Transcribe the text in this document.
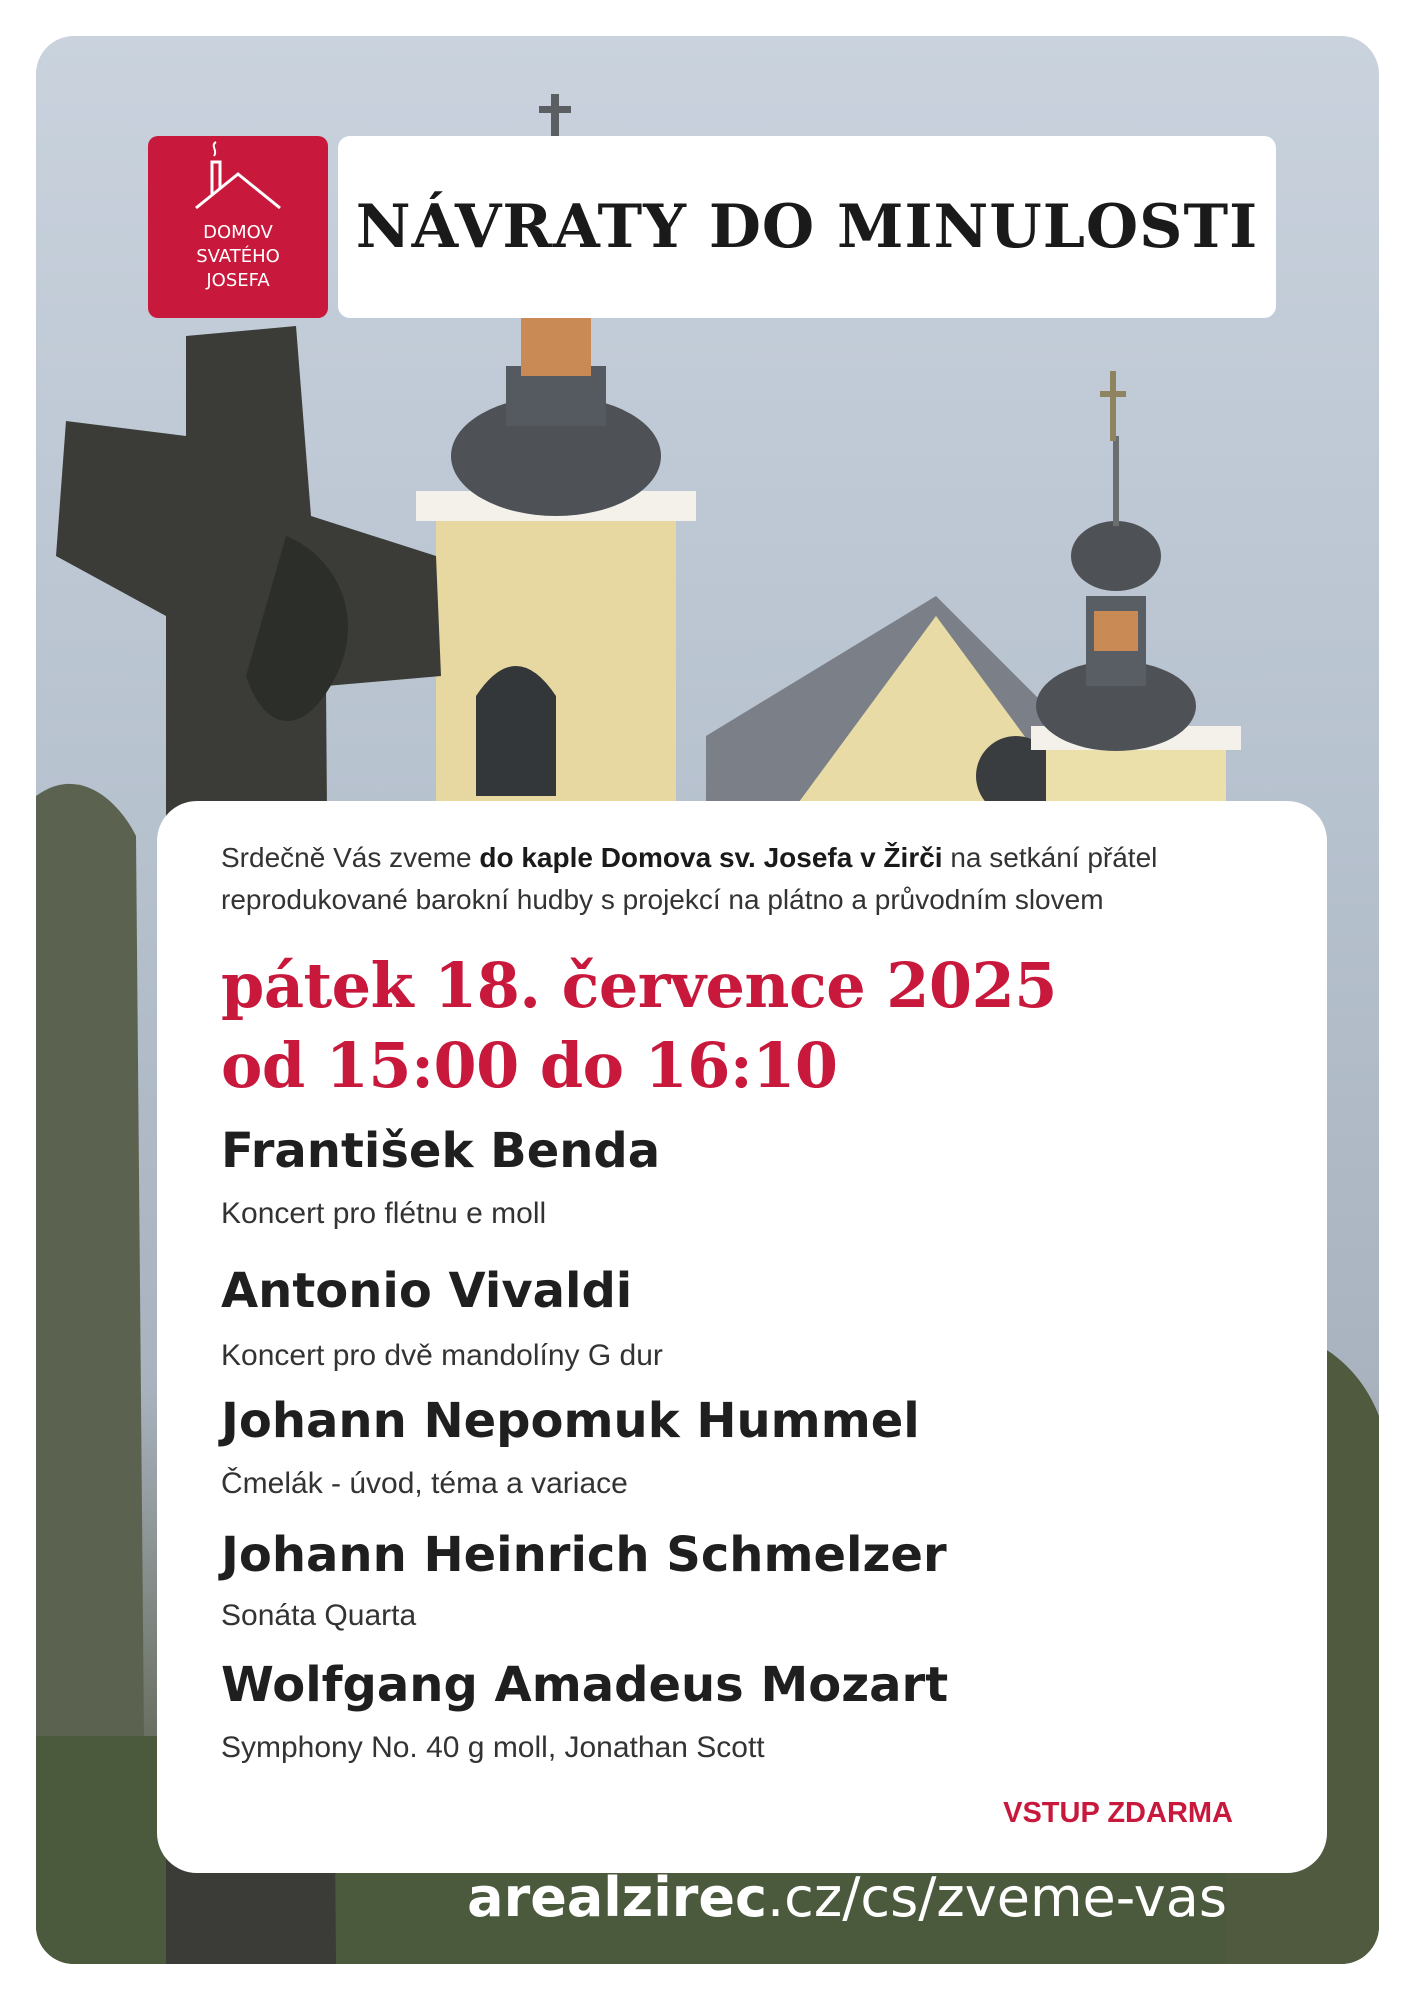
DOMOV
SVATÉHO
JOSEFA
NÁVRATY DO MINULOSTI

Srdečně Vás zveme do kaple Domova sv. Josefa v Žirči na setkání přátel reprodukované barokní hudby s projekcí na plátno a průvodním slovem

pátek 18. července 2025

od 15:00 do 16:10

František Benda

Koncert pro flétnu e moll

Antonio Vivaldi

Koncert pro dvě mandolíny G dur

Johann Nepomuk Hummel

Čmelák - úvod, téma a variace

Johann Heinrich Schmelzer

Sonáta Quarta

Wolfgang Amadeus Mozart

Symphony No. 40 g moll, Jonathan Scott

VSTUP ZDARMA
arealzirec.cz/cs/zveme-vas
